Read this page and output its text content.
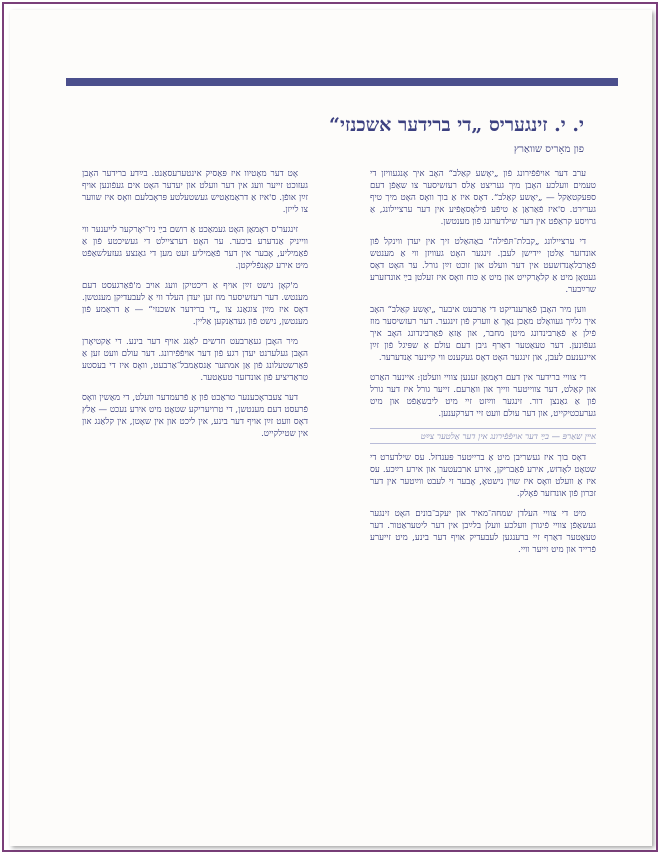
י. י. זינגעריס „די ברידער אשכנזי“
פון מאָריס שוואַרץ

ערב דער אויפֿפֿירונג פֿון „יאָשע קאַלב“ האָב איך אָנגעוויזן די טעמים וועלכע האָבן מיך געריצט אַלס רעזשיסער צו שאַפֿן דעם ספּעקטאַקל — „יאָשע קאַלב“. דאָס איז אַ בוך וואָס האָט מיך טיף גערירט. ס'איז פֿאַראַן אַ טיפֿע פֿילאָסאָפֿיע אין דער ערציילונג, אַ גרויסע קראַפֿט אין דער שילדערונג פֿון מענטשן.

די ערציילונג „קבלת־תּפֿילה“ באַהאַלט זיך אין יעדן ווינקל פֿון אונדזער אַלטן יידישן לעבן. זינגער האָט געוויזן ווי אַ מענטש פֿאַרבלאָנדזשעט אין דער וועלט און זוכט זײַן גורל. ער האָט דאָס געטאָן מיט אַ קלאָרקייט און מיט אַ כּוח וואָס איז זעלטן בײַ אונדזערע שרײַבער.

ווען מיר האָבן פֿאַרענדיקט די אַרבעט איבער „יאָשע קאַלב“ האָב איך גלײַך געוואָלט מאַכן נאָך אַ ווערק פֿון זינגער. דער רעזשיסער מוז פֿילן אַ פֿאַרבינדונג מיטן מחבר, און אַזאַ פֿאַרבינדונג האָב איך געפֿונען. דער טעאַטער דאַרף גיבן דעם עולם אַ שפּיגל פֿון זײַן אייגענעם לעבן, און זינגער האָט דאָס געקענט ווי קיינער אַנדערער.

די צוויי ברידער אין דעם ראָמאַן זענען צוויי וועלטן: איינער האַרט און קאַלט, דער צווייטער ווייך און וואַרעם. זייער גורל איז דער גורל פֿון אַ גאַנצן דור. זינגער ווײַזט זיי מיט ליבשאַפֿט און מיט גערעכטיקייט, און דער עולם וועט זיי דערקענען.

אײן שאַרפּ — בײַ דער אויפֿפֿירונג אין דער אַלטער צײַט

דאָס בוך איז געשריבן מיט אַ ברייטער פּענדזל. עס שילדערט די שטאָט לאָדזש, אירע פֿאַבריקן, אירע ארבעטער און אירע רײַכע. עס איז אַ וועלט וואָס איז שוין נישטאָ, אָבער זי לעבט ווײַטער אין דער זכּרון פֿון אונדזער פֿאָלק.

מיט די צוויי העלדן שמחה־מאיר און יעקב־בונים האָט זינגער געשאַפֿן צוויי פֿיגורן וועלכע וועלן בלײַבן אין דער ליטעראַטור. דער טעאַטער דאַרף זיי ברענגען לעבעדיק אויף דער בינע, מיט זייערע פֿרייד און מיט זייער וויי.

אָט דער מאָטיוו איז פּאַסיק אינטערעסאַנט. בײַדע ברידער האָבן געזוכט זייער וועג אין דער וועלט און יעדער האָט אים געפֿונען אויף זײַן אופֿן. ס'איז אַ דראַמאַטיש געשטעלטע פּראָבלעם וואָס איז שווער צו לייזן.

זינגער'ס ראָמאַן האָט געמאַכט אַ רושם בײַ ניו־יאָרקער לייענער ווי ווייניק אַנדערע ביכער. ער האָט דערציילט די געשיכטע פֿון אַ פֿאַמיליע, אָבער אין דער פֿאַמיליע זעט מען די גאַנצע געזעלשאַפֿט מיט אירע קאָנפֿליקטן.

מ'קאָן נישט זײַן אויף אַ ריכטיקן וועג אויב מ'פֿאַרגעסט דעם מענטש. דער רעזשיסער מוז זען יעדן העלד ווי אַ לעבעדיקן מענטשן. דאָס איז מײַן צוגאַנג צו „די ברידער אשכנזי“ — אַ דראַמע פֿון מענטשן, נישט פֿון געדאַנקען אַליין.

מיר האָבן געאַרבעט חדשים לאַנג אויף דער בינע. די אַקטיאָרן האָבן געלערנט יעדן רגע פֿון דער אויפֿפֿירונג. דער עולם וועט זען אַ פֿאַרשטעלונג פֿון אַן אמתער אַנסאַמבל־אַרבעט, וואָס איז די בעסטע טראַדיציע פֿון אונדזער טעאַטער.

דער צעבראָכענער טראַכט פֿון אַ פֿרעמדער וועלט, די מאַשין וואָס פֿרעסט דעם מענטשן, די טרויעריקע שטאָט מיט אירע נעכט — אַלץ דאָס וועט זײַן אויף דער בינע, אין ליכט און אין שאָטן, אין קלאַנג און אין שטילקייט.
